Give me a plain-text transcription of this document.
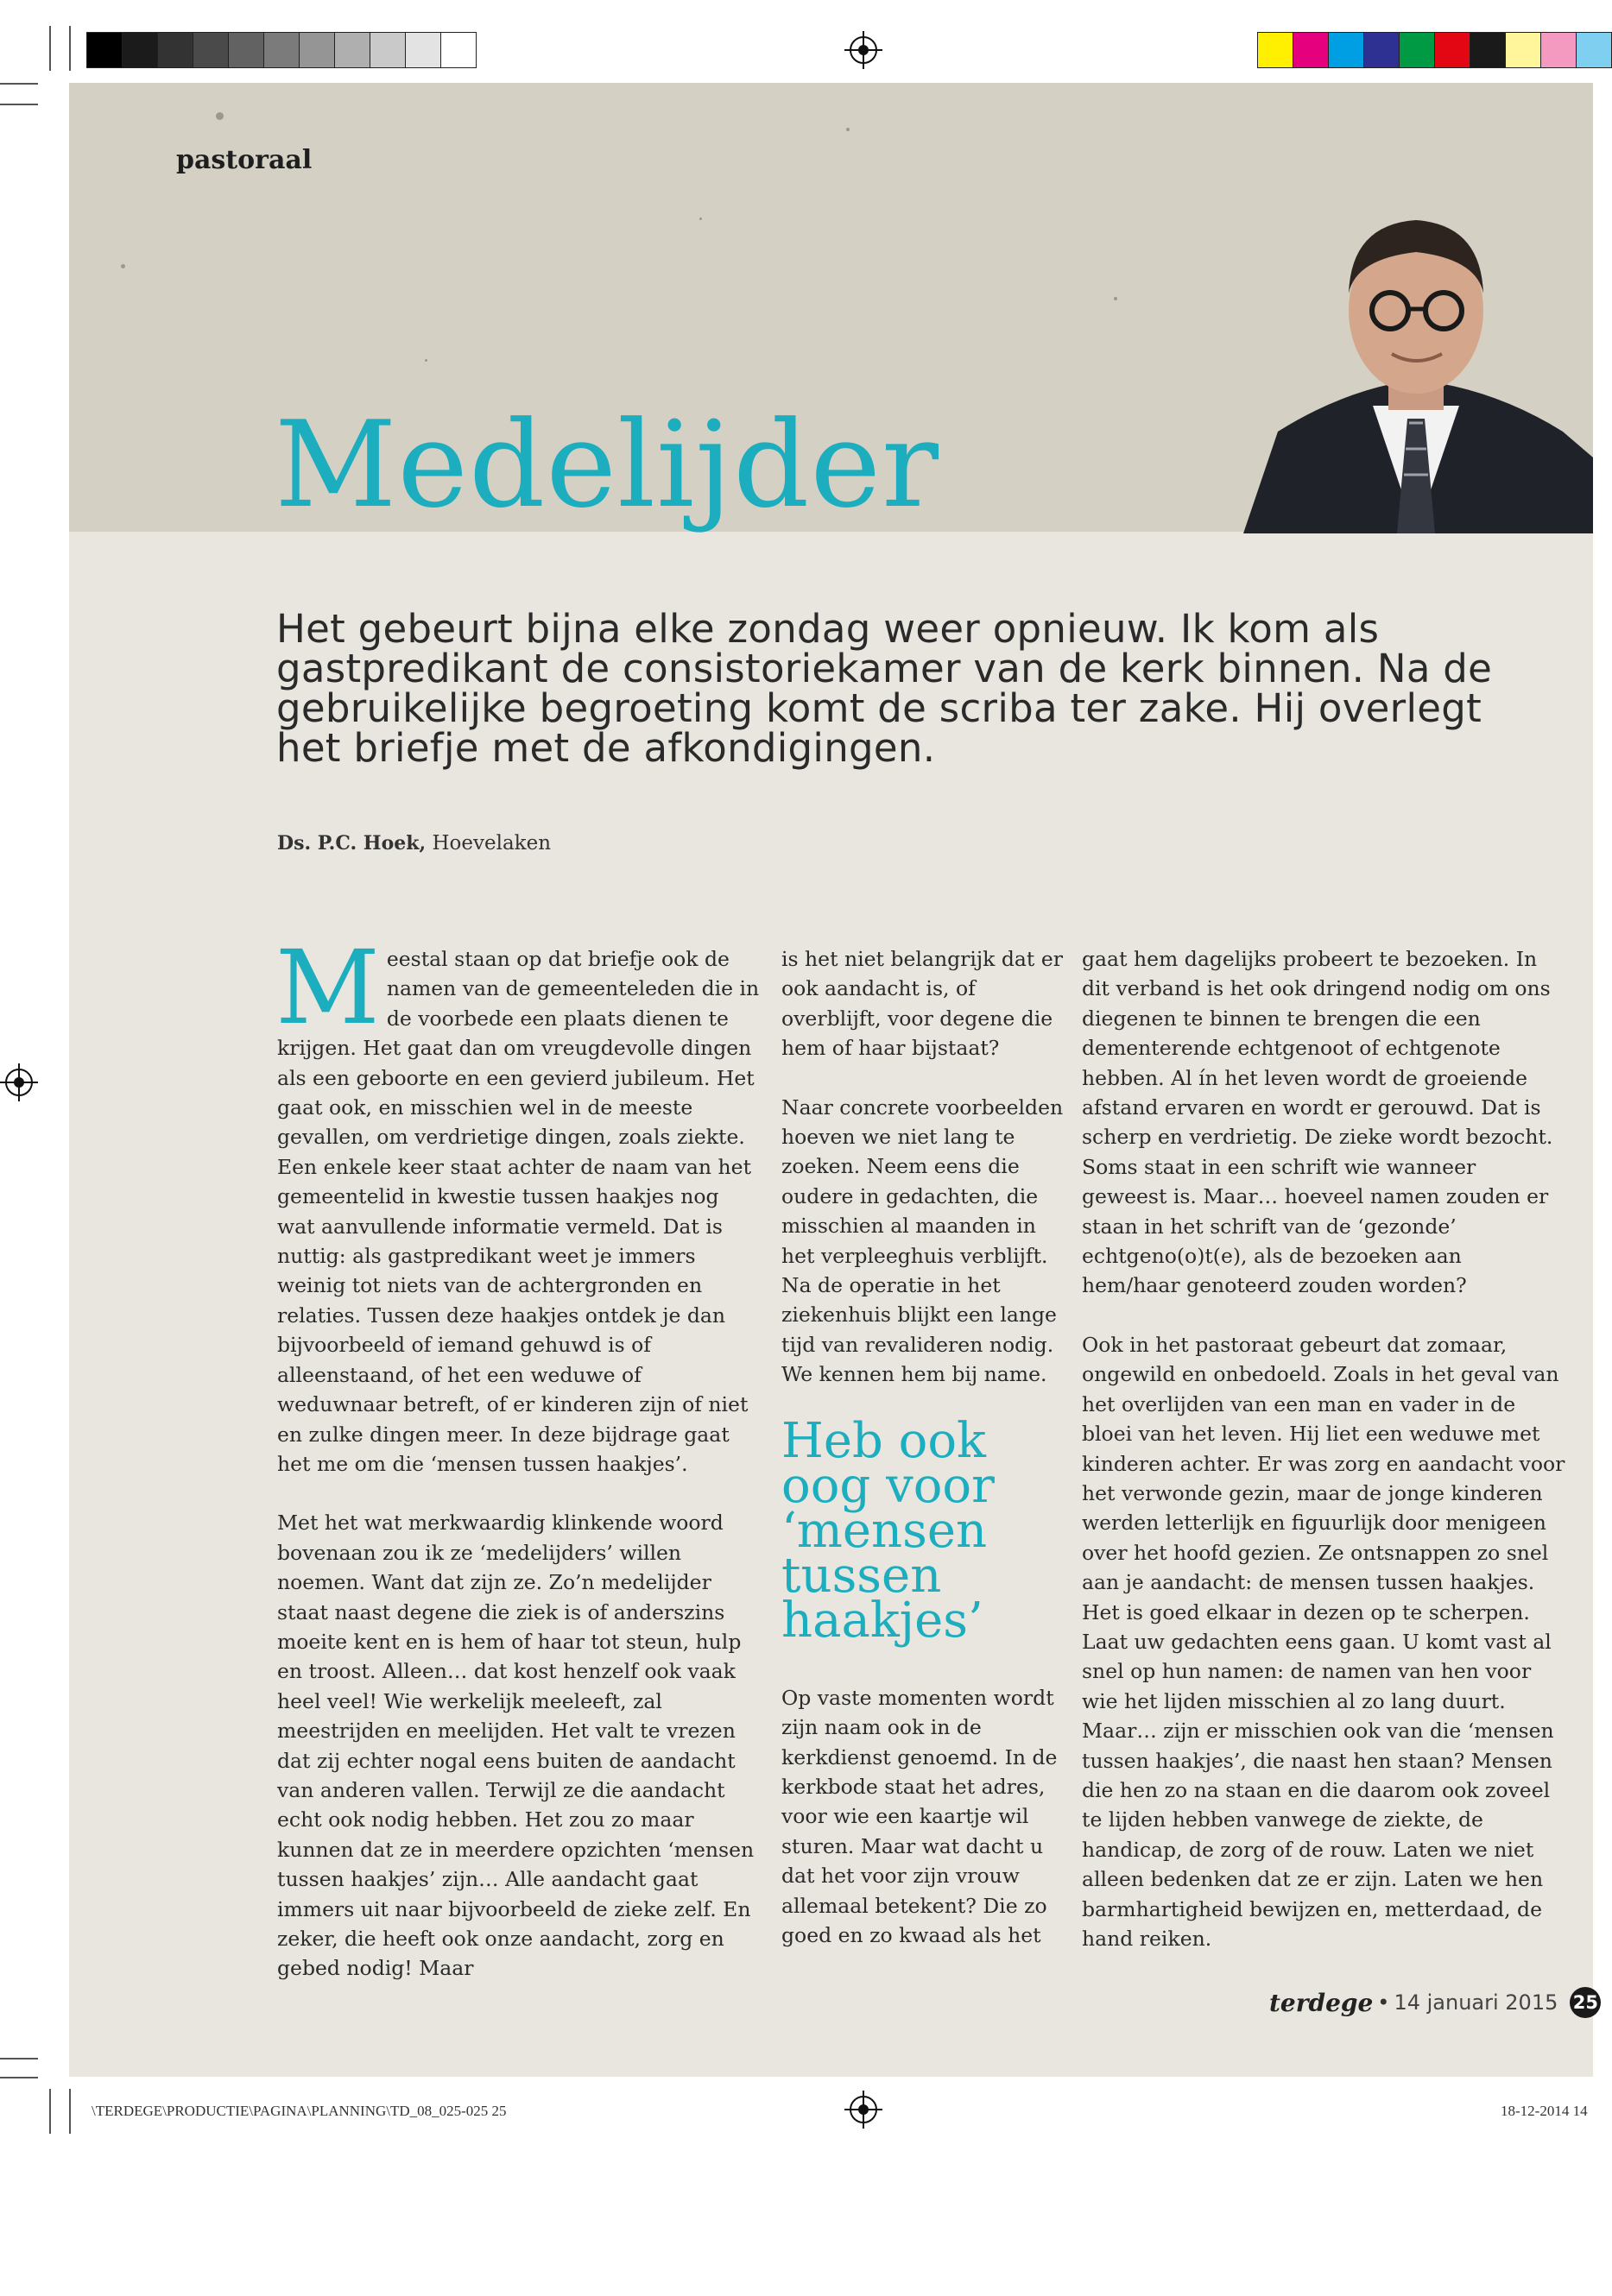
pastoraal
Medelijder
Het gebeurt bijna elke zondag weer opnieuw. Ik kom als gastpredikant de consistoriekamer van de kerk binnen. Na de gebruikelijke begroeting komt de scriba ter zake. Hij overlegt het briefje met de afkondigingen.
Ds. P.C. Hoek, Hoevelaken

Meestal staan op dat briefje ook de namen van de gemeenteleden die in de voorbede een plaats dienen te krijgen. Het gaat dan om vreugdevolle dingen als een geboorte en een gevierd jubileum. Het gaat ook, en misschien wel in de meeste gevallen, om verdrietige dingen, zoals ziekte. Een enkele keer staat achter de naam van het gemeentelid in kwestie tussen haakjes nog wat aanvullende informatie vermeld. Dat is nuttig: als gastpredikant weet je immers weinig tot niets van de achtergronden en relaties. Tussen deze haakjes ontdek je dan bijvoorbeeld of iemand gehuwd is of alleenstaand, of het een weduwe of weduwnaar betreft, of er kinderen zijn of niet en zulke dingen meer. In deze bijdrage gaat het me om die ‘mensen tussen haakjes’.

Met het wat merkwaardig klinkende woord bovenaan zou ik ze ‘medelijders’ willen noemen. Want dat zijn ze. Zo’n medelijder staat naast degene die ziek is of anderszins moeite kent en is hem of haar tot steun, hulp en troost. Alleen… dat kost henzelf ook vaak heel veel! Wie werkelijk meeleeft, zal meestrijden en meelijden. Het valt te vrezen dat zij echter nogal eens buiten de aandacht van anderen vallen. Terwijl ze die aandacht echt ook nodig hebben. Het zou zo maar kunnen dat ze in meerdere opzichten ‘mensen tussen haakjes’ zijn… Alle aandacht gaat immers uit naar bijvoorbeeld de zieke zelf. En zeker, die heeft ook onze aandacht, zorg en gebed nodig! Maar

is het niet belangrijk dat er ook aandacht is, of overblijft, voor degene die hem of haar bijstaat?

Naar concrete voorbeelden hoeven we niet lang te zoeken. Neem eens die oudere in gedachten, die misschien al maanden in het verpleeghuis verblijft. Na de operatie in het ziekenhuis blijkt een lange tijd van revalideren nodig. We kennen hem bij name.

Heb ook oog voor ‘mensen tussen haakjes’

Op vaste momenten wordt zijn naam ook in de kerkdienst genoemd. In de kerkbode staat het adres, voor wie een kaartje wil sturen. Maar wat dacht u dat het voor zijn vrouw allemaal betekent? Die zo goed en zo kwaad als het

gaat hem dagelijks probeert te bezoeken. In dit verband is het ook dringend nodig om ons diegenen te binnen te brengen die een dementerende echtgenoot of echtgenote hebben. Al ín het leven wordt de groeiende afstand ervaren en wordt er gerouwd. Dat is scherp en verdrietig. De zieke wordt bezocht. Soms staat in een schrift wie wanneer geweest is. Maar… hoeveel namen zouden er staan in het schrift van de ‘gezonde’ echtgeno(o)t(e), als de bezoeken aan hem/haar genoteerd zouden worden?

Ook in het pastoraat gebeurt dat zomaar, ongewild en onbedoeld. Zoals in het geval van het overlijden van een man en vader in de bloei van het leven. Hij liet een weduwe met kinderen achter. Er was zorg en aandacht voor het verwonde gezin, maar de jonge kinderen werden letterlijk en figuurlijk door menigeen over het hoofd gezien. Ze ontsnappen zo snel aan je aandacht: de mensen tussen haakjes. Het is goed elkaar in dezen op te scherpen. Laat uw gedachten eens gaan. U komt vast al snel op hun namen: de namen van hen voor wie het lijden misschien al zo lang duurt. Maar… zijn er misschien ook van die ‘mensen tussen haakjes’, die naast hen staan? Mensen die hen zo na staan en die daarom ook zoveel te lijden hebben vanwege de ziekte, de handicap, de zorg of de rouw. Laten we niet alleen bedenken dat ze er zijn. Laten we hen barmhartigheid bewijzen en, metterdaad, de hand reiken.

terdege • 14 januari 2015 25
\TERDEGE\PRODUCTIE\PAGINA\PLANNING\TD_08_025-025 25	18-12-2014 14
